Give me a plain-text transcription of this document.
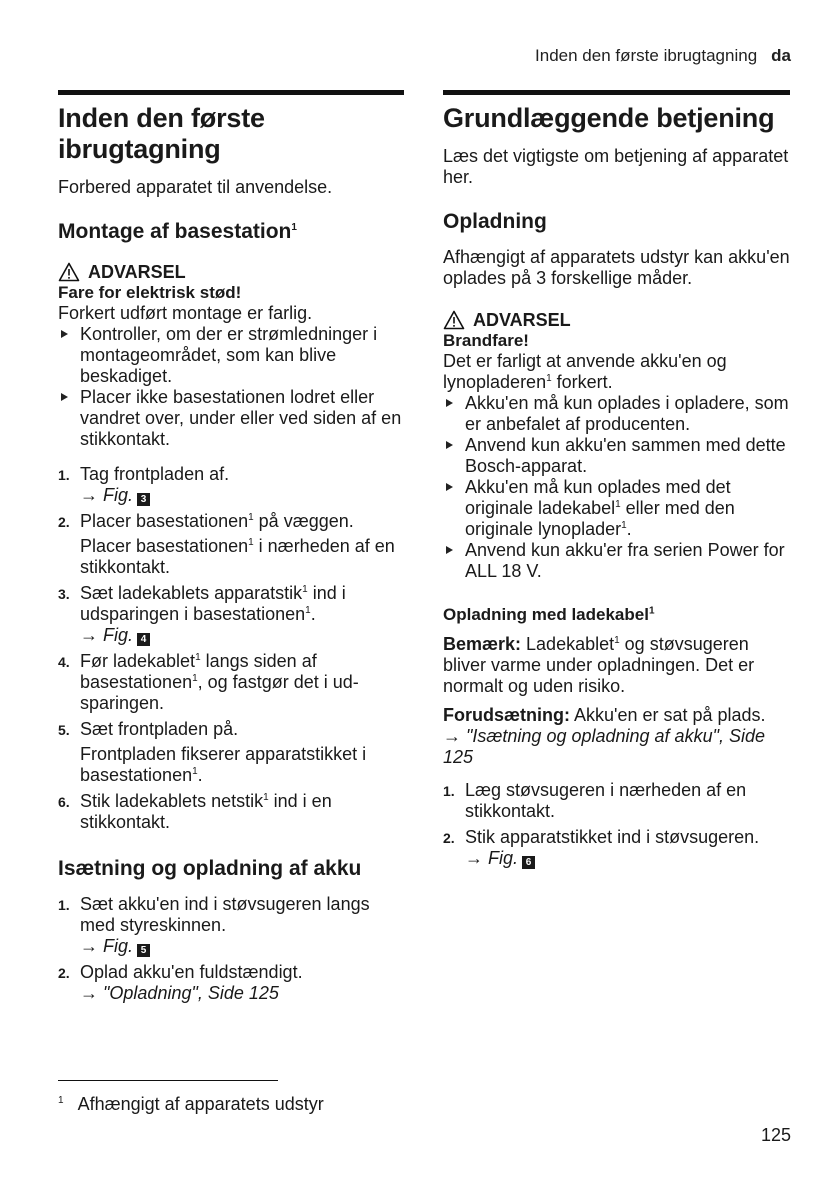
Inden den første ibrugtagning da
Inden den første ibrugtagning

Forbered apparatet til anvendelse.

Montage af basestation$^1$
ADVARSEL
Fare for elektrisk stød!

Forkert udført montage er farlig.

Kontroller, om der er strømledninger i montageområdet, som kan blive beskadiget.
Placer ikke basestationen lodret eller vandret over, under eller ved siden af en stikkontakt.
1. Tag frontpladen af.
→ Fig. 3
2. Placer basestationen$^1$ på væggen.
Placer basestationen$^1$ i nærheden af en stikkontakt.
3. Sæt ladekablets apparatstik$^1$ ind i udsparingen i basestationen$^1$.
→ Fig. 4
4. Før ladekablet$^1$ langs siden af basestationen$^1$, og fastgør det i udsparingen.
5. Sæt frontpladen på.
Frontpladen fikserer apparatstikket i basestationen$^1$.
6. Stik ladekablets netstik$^1$ ind i en stikkontakt.
Isætning og opladning af akku
1. Sæt akku'en ind i støvsugeren langs med styreskinnen.
→ Fig. 5
2. Oplad akku'en fuldstændigt.
→ "Opladning", Side 125
Grundlæggende betjening

Læs det vigtigste om betjening af apparatet her.

Opladning

Afhængigt af apparatets udstyr kan akku'en oplades på 3 forskellige måder.

ADVARSEL
Brandfare!

Det er farligt at anvende akku'en og lynopladeren$^1$ forkert.

Akku'en må kun oplades i opladere, som er anbefalet af producenten.
Anvend kun akku'en sammen med dette Bosch-apparat.
Akku'en må kun oplades med det originale ladekabel$^1$ eller med den originale lynoplader$^1$.
Anvend kun akku'er fra serien Power for ALL 18 V.
Opladning med ladekabel$^1$

Bemærk: Ladekablet$^1$ og støvsugeren bliver varme under opladningen. Det er normalt og uden risiko.

Forudsætning: Akku'en er sat på plads.

→ "Isætning og opladning af akku", Side 125
1. Læg støvsugeren i nærheden af en stikkontakt.
2. Stik apparatstikket ind i støvsugeren.
→ Fig. 6
$^1$ Afhængigt af apparatets udstyr
125
